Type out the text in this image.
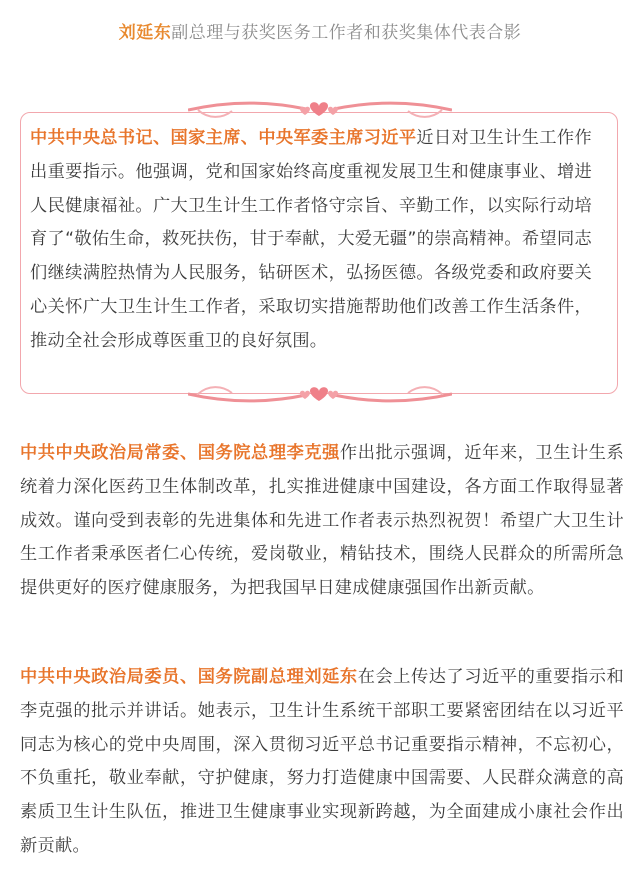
刘延东副总理与获奖医务工作者和获奖集体代表合影

中共中央总书记、国家主席、中央军委主席习近平近日对卫生计生工作作出重要指示。他强调，党和国家始终高度重视发展卫生和健康事业、增进人民健康福祉。广大卫生计生工作者恪守宗旨、辛勤工作，以实际行动培育了“敬佑生命，救死扶伤，甘于奉献，大爱无疆”的崇高精神。希望同志们继续满腔热情为人民服务，钻研医术，弘扬医德。各级党委和政府要关心关怀广大卫生计生工作者，采取切实措施帮助他们改善工作生活条件，推动全社会形成尊医重卫的良好氛围。

中共中央政治局常委、国务院总理李克强作出批示强调，近年来，卫生计生系统着力深化医药卫生体制改革，扎实推进健康中国建设，各方面工作取得显著成效。谨向受到表彰的先进集体和先进工作者表示热烈祝贺！希望广大卫生计生工作者秉承医者仁心传统，爱岗敬业，精钻技术，围绕人民群众的所需所急提供更好的医疗健康服务，为把我国早日建成健康强国作出新贡献。

中共中央政治局委员、国务院副总理刘延东在会上传达了习近平的重要指示和李克强的批示并讲话。她表示，卫生计生系统干部职工要紧密团结在以习近平同志为核心的党中央周围，深入贯彻习近平总书记重要指示精神，不忘初心，不负重托，敬业奉献，守护健康，努力打造健康中国需要、人民群众满意的高素质卫生计生队伍，推进卫生健康事业实现新跨越，为全面建成小康社会作出新贡献。
